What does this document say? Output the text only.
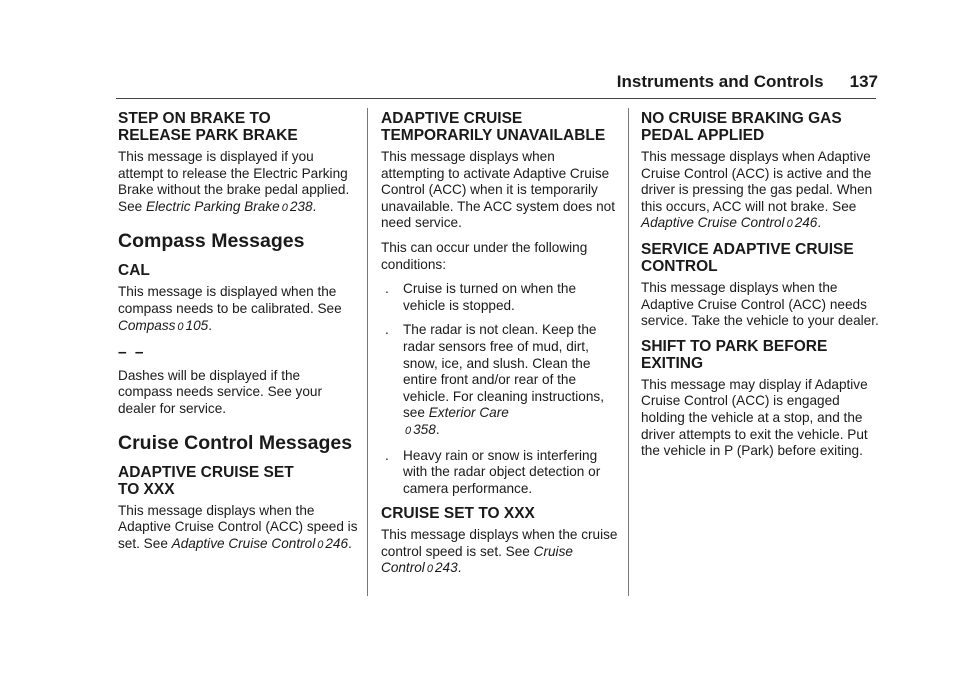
Instruments and Controls 137
STEP ON BRAKE TO
RELEASE PARK BRAKE

This message is displayed if you attempt to release the Electric Parking Brake without the brake pedal applied. See Electric Parking Brake 0 238.

Compass Messages
CAL

This message is displayed when the compass needs to be calibrated. See Compass 0 105.

– –

Dashes will be displayed if the compass needs service. See your dealer for service.

Cruise Control Messages
ADAPTIVE CRUISE SET
TO XXX

This message displays when the Adaptive Cruise Control (ACC) speed is set. See Adaptive Cruise Control 0 246.

ADAPTIVE CRUISE
TEMPORARILY UNAVAILABLE

This message displays when attempting to activate Adaptive Cruise Control (ACC) when it is temporarily unavailable. The ACC system does not need service.

This can occur under the following conditions:

. Cruise is turned on when the vehicle is stopped.
. The radar is not clean. Keep the radar sensors free of mud, dirt, snow, ice, and slush. Clean the entire front and/or rear of the vehicle. For cleaning instructions, see Exterior Care
0 358.
. Heavy rain or snow is interfering with the radar object detection or camera performance.
CRUISE SET TO XXX

This message displays when the cruise control speed is set. See Cruise Control 0 243.

NO CRUISE BRAKING GAS
PEDAL APPLIED

This message displays when Adaptive Cruise Control (ACC) is active and the driver is pressing the gas pedal. When this occurs, ACC will not brake. See Adaptive Cruise Control 0 246.

SERVICE ADAPTIVE CRUISE
CONTROL

This message displays when the Adaptive Cruise Control (ACC) needs service. Take the vehicle to your dealer.

SHIFT TO PARK BEFORE
EXITING

This message may display if Adaptive Cruise Control (ACC) is engaged holding the vehicle at a stop, and the driver attempts to exit the vehicle. Put the vehicle in P (Park) before exiting.
